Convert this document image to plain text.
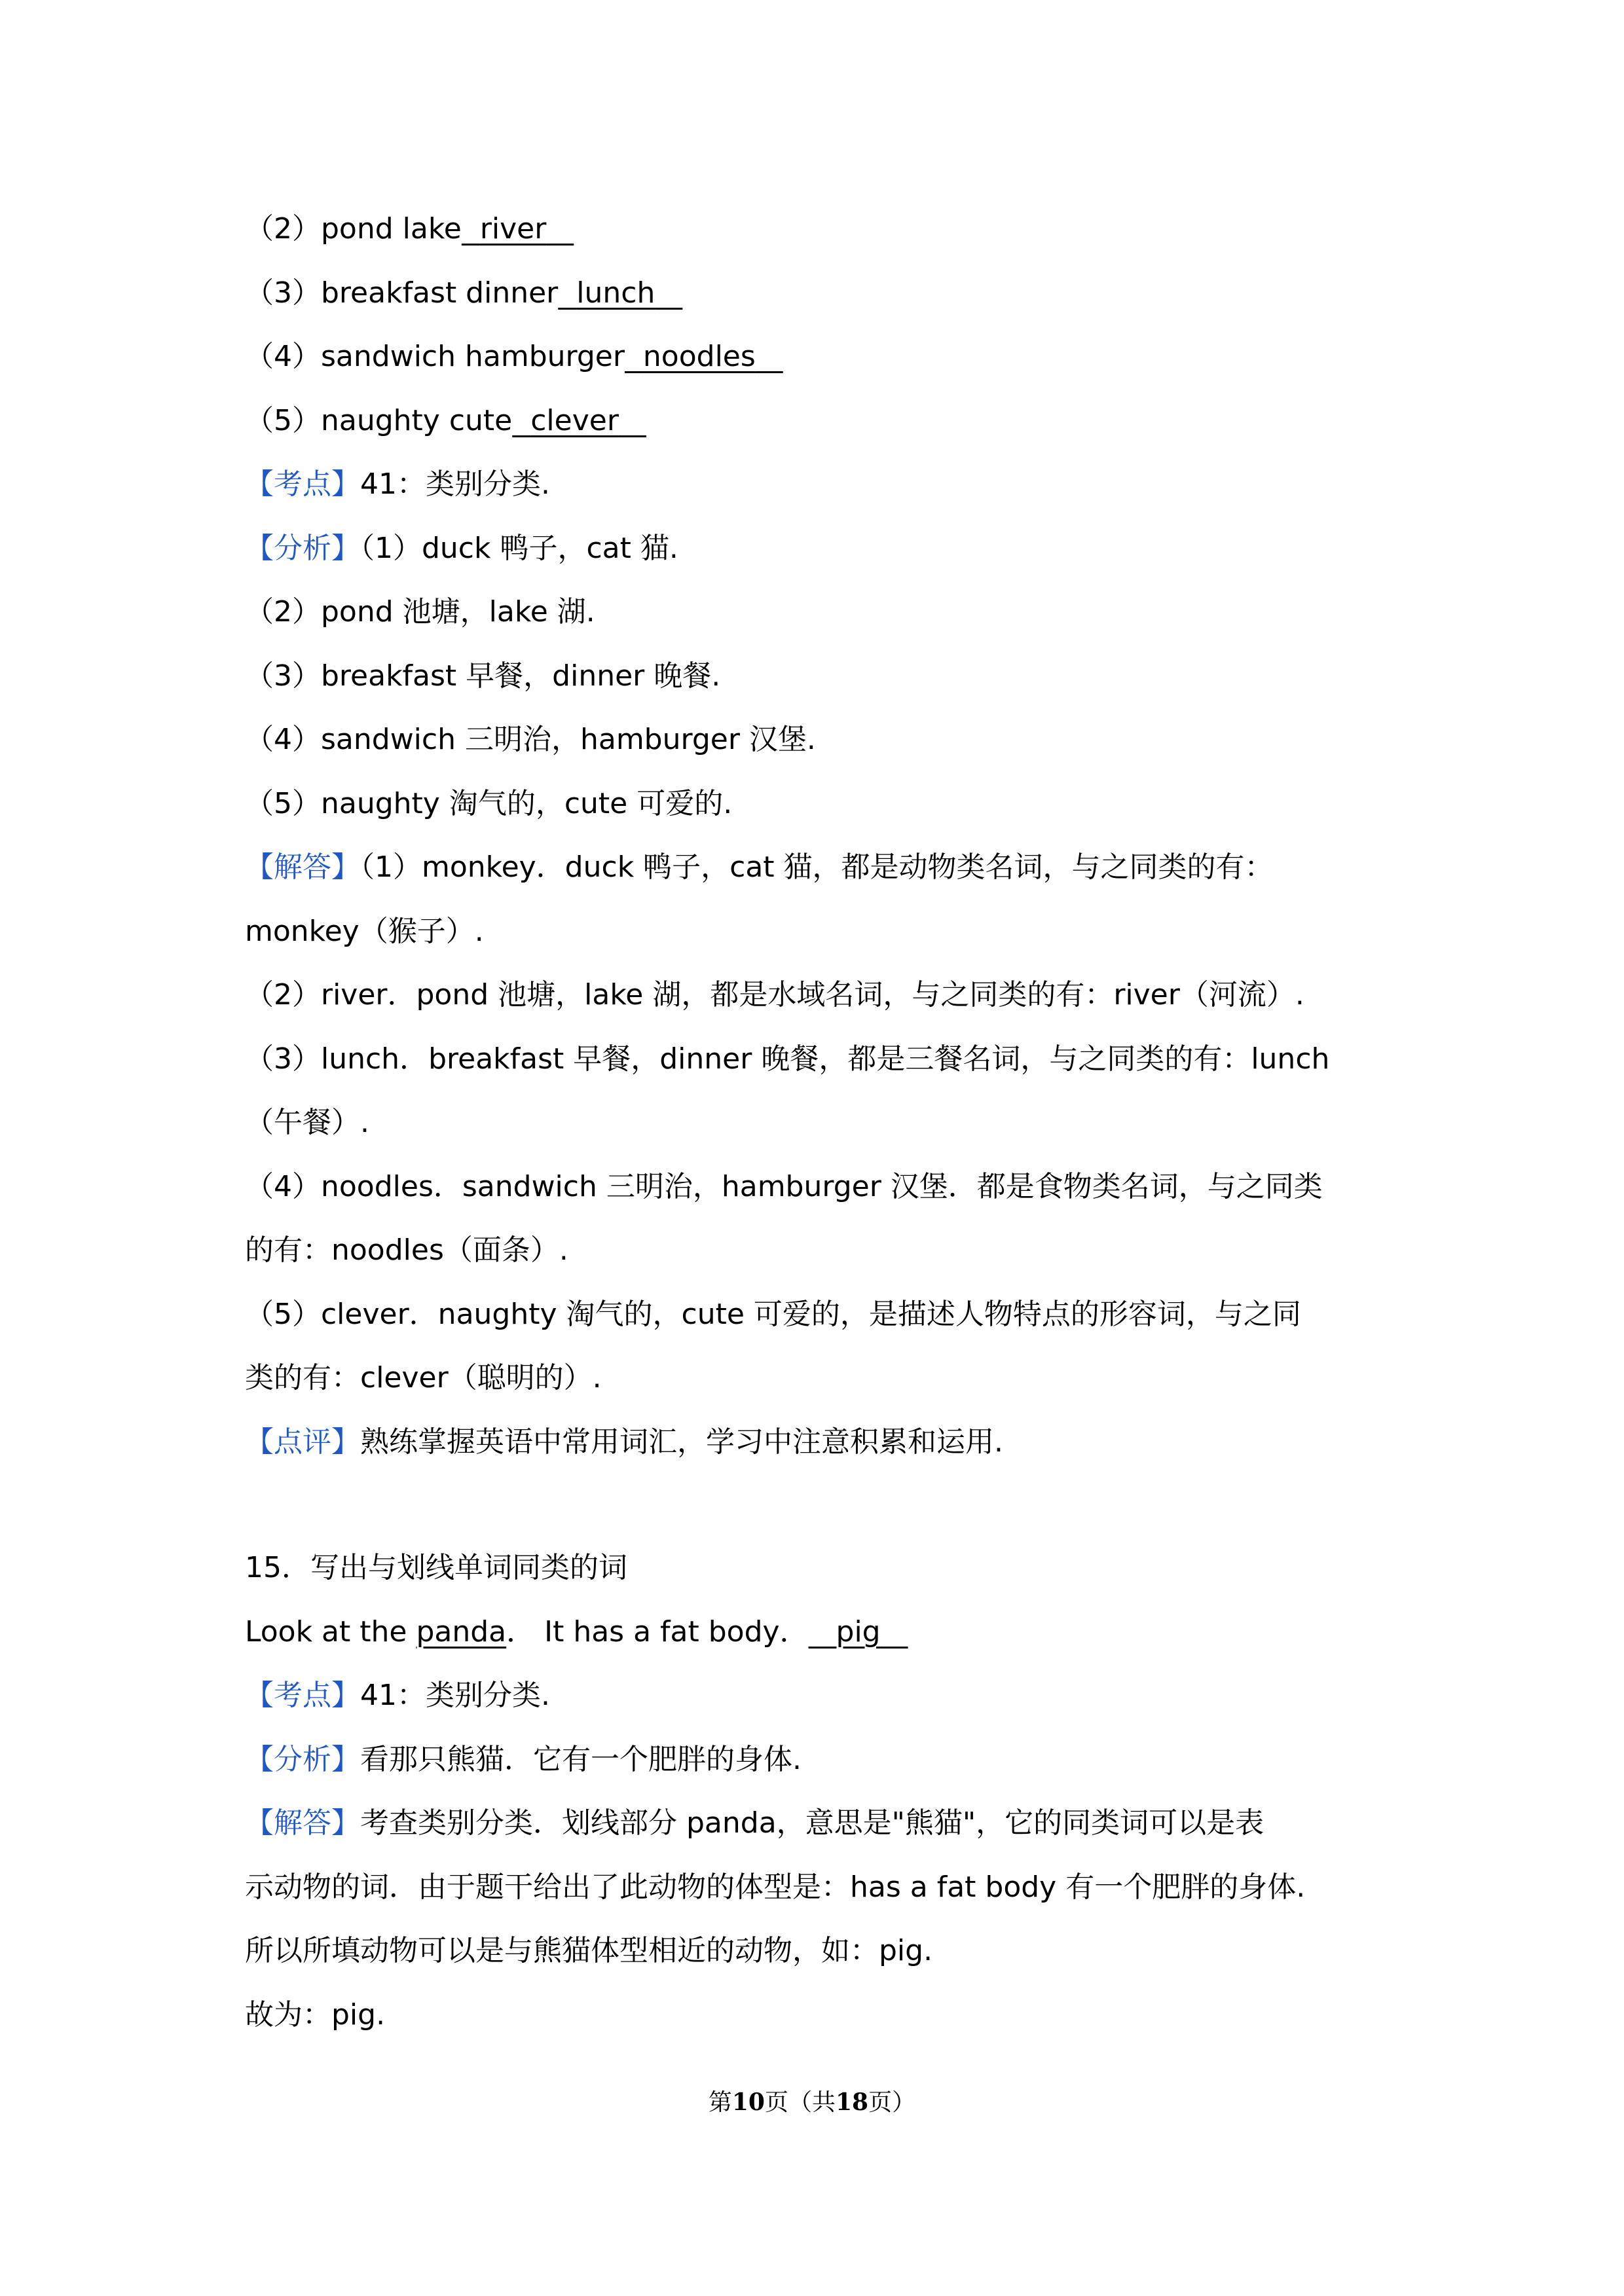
（2）pond lake river
（3）breakfast dinner lunch
（4）sandwich hamburger noodles
（5）naughty cute clever
【考点】41：类别分类.
【分析】（1）duck 鸭子，cat 猫.
（2）pond 池塘，lake 湖.
（3）breakfast 早餐，dinner 晚餐.
（4）sandwich 三明治，hamburger 汉堡.
（5）naughty 淘气的，cute 可爱的.
【解答】（1）monkey．duck 鸭子，cat 猫，都是动物类名词，与之同类的有：
monkey（猴子）.
（2）river．pond 池塘，lake 湖，都是水域名词，与之同类的有：river（河流）.
（3）lunch．breakfast 早餐，dinner 晚餐，都是三餐名词，与之同类的有：lunch
（午餐）.
（4）noodles．sandwich 三明治，hamburger 汉堡．都是食物类名词，与之同类
的有：noodles（面条）.
（5）clever．naughty 淘气的，cute 可爱的，是描述人物特点的形容词，与之同
类的有：clever（聪明的）.
【点评】熟练掌握英语中常用词汇，学习中注意积累和运用.
15．写出与划线单词同类的词
Look at the panda． It has a fat body． pig
【考点】41：类别分类.
【分析】看那只熊猫．它有一个肥胖的身体.
【解答】考查类别分类．划线部分 panda，意思是"熊猫"，它的同类词可以是表
示动物的词．由于题干给出了此动物的体型是：has a fat body 有一个肥胖的身体.
所以所填动物可以是与熊猫体型相近的动物，如：pig.
故为：pig.
第10页（共18页）
